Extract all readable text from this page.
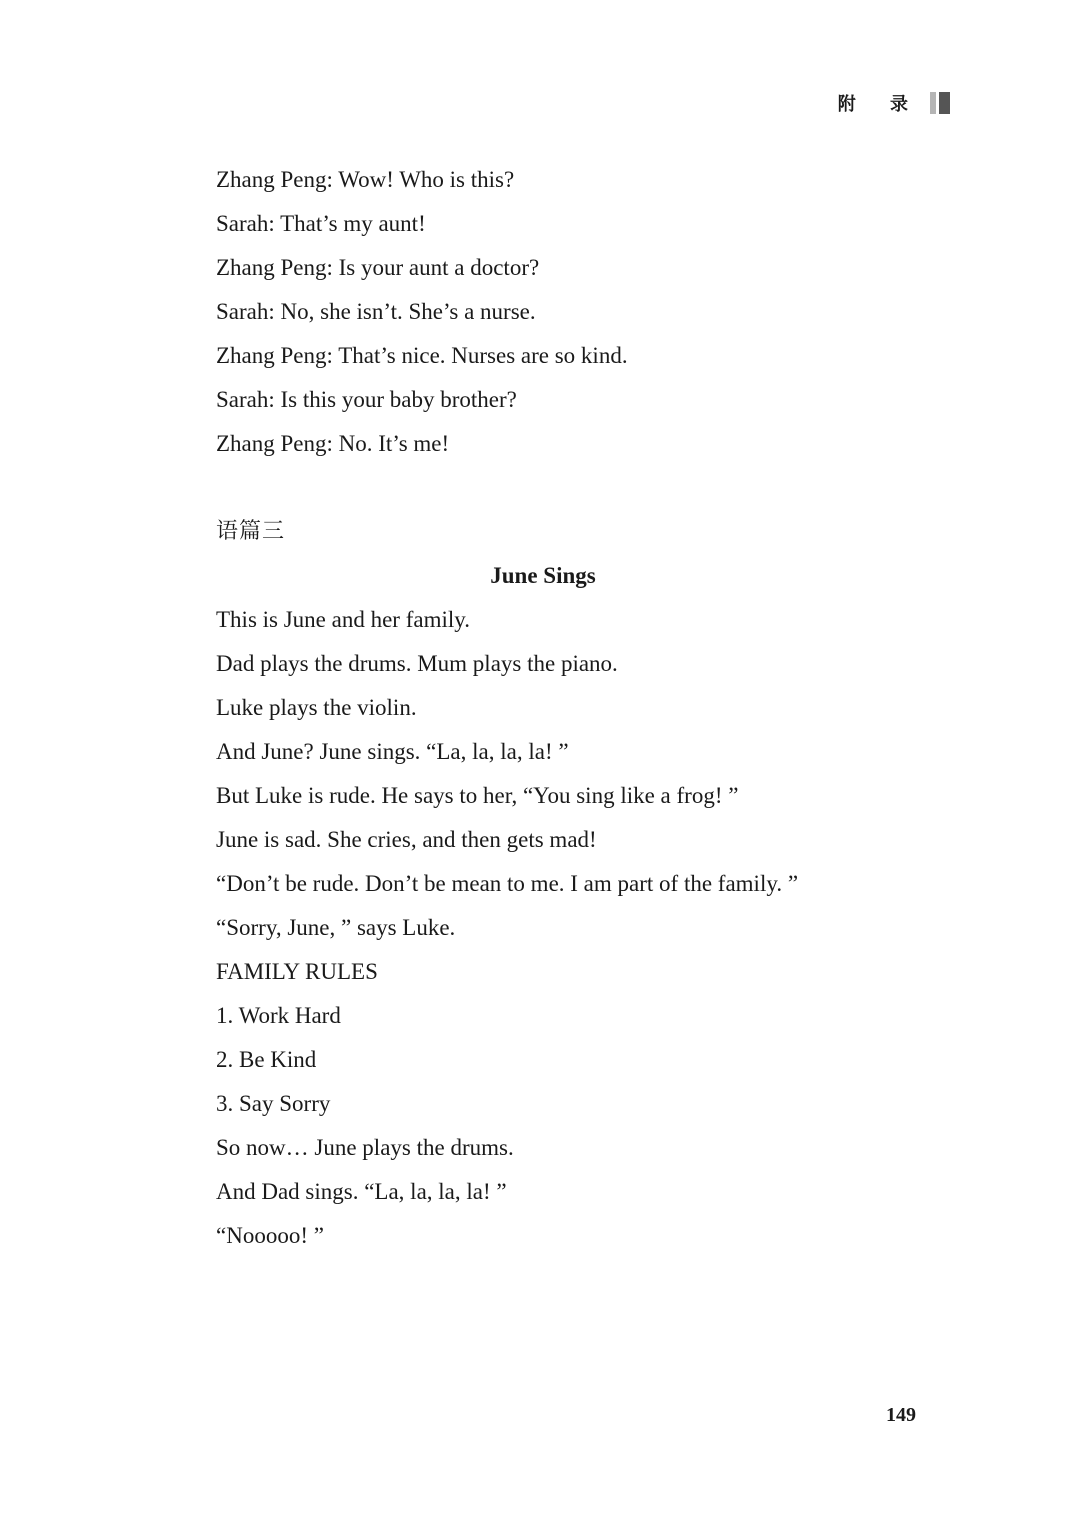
附 录

Zhang Peng: Wow! Who is this?

Sarah: That’s my aunt!

Zhang Peng: Is your aunt a doctor?

Sarah: No, she isn’t. She’s a nurse.

Zhang Peng: That’s nice. Nurses are so kind.

Sarah: Is this your baby brother?

Zhang Peng: No. It’s me!

语篇三

June Sings

This is June and her family.

Dad plays the drums. Mum plays the piano.

Luke plays the violin.

And June? June sings. “La, la, la, la! ”

But Luke is rude. He says to her, “You sing like a frog! ”

June is sad. She cries, and then gets mad!

“Don’t be rude. Don’t be mean to me. I am part of the family. ”

“Sorry, June, ” says Luke.

FAMILY RULES

1. Work Hard

2. Be Kind

3. Say Sorry

So now… June plays the drums.

And Dad sings. “La, la, la, la! ”

“Nooooo! ”

149
